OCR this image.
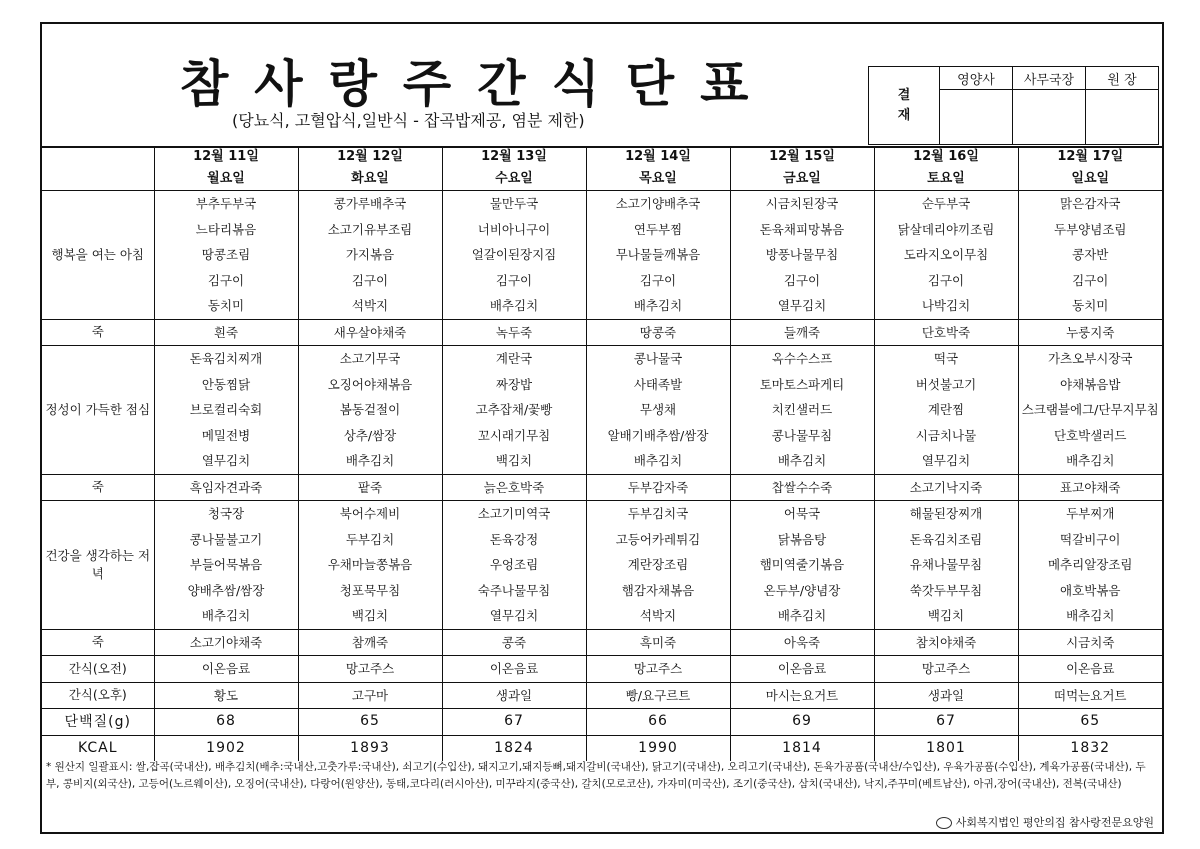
참사랑주간식단표
(당뇨식, 고혈압식,일반식 - 잡곡밥제공, 염분 제한)
결
재	영양사	사무국장	원 장

	12월 11일	12월 12일	12월 13일	12월 14일	12월 15일	12월 16일	12월 17일
	월요일	화요일	수요일	목요일	금요일	토요일	일요일
행복을 여는 아침	부추두부국	콩가루배추국	물만두국	소고기양배추국	시금치된장국	순두부국	맑은감자국
	느타리볶음	소고기유부조림	너비아니구이	연두부찜	돈육채피망볶음	닭살데리야끼조림	두부양념조림
	땅콩조림	가지볶음	얼갈이된장지짐	무나물들깨볶음	방풍나물무침	도라지오이무침	콩자반
	김구이	김구이	김구이	김구이	김구이	김구이	김구이
	동치미	석박지	배추김치	배추김치	열무김치	나박김치	동치미
죽	흰죽	새우살야채죽	녹두죽	땅콩죽	들깨죽	단호박죽	누룽지죽
정성이 가득한 점심	돈육김치찌개	소고기무국	계란국	콩나물국	옥수수스프	떡국	가츠오부시장국
	안동찜닭	오징어야채볶음	짜장밥	사태족발	토마토스파게티	버섯불고기	야채볶음밥
	브로컬리숙회	봄동겉절이	고추잡채/꽃빵	무생채	치킨샐러드	계란찜	스크램블에그/단무지무침
	메밀전병	상추/쌈장	꼬시래기무침	알배기배추쌈/쌈장	콩나물무침	시금치나물	단호박샐러드
	열무김치	배추김치	백김치	배추김치	배추김치	열무김치	배추김치
죽	흑임자견과죽	팥죽	늙은호박죽	두부감자죽	찹쌀수수죽	소고기낙지죽	표고야채죽
건강을 생각하는 저녁	청국장	북어수제비	소고기미역국	두부김치국	어묵국	해물된장찌개	두부찌개
	콩나물불고기	두부김치	돈육강정	고등어카레튀김	닭볶음탕	돈육김치조림	떡갈비구이
	부들어묵볶음	우채마늘쫑볶음	우엉조림	계란장조림	햄미역줄기볶음	유채나물무침	메추리알장조림
	양배추쌈/쌈장	청포묵무침	숙주나물무침	햄감자채볶음	온두부/양념장	쑥갓두부무침	애호박볶음
	배추김치	백김치	열무김치	석박지	배추김치	백김치	배추김치
죽	소고기야채죽	참깨죽	콩죽	흑미죽	아욱죽	참치야채죽	시금치죽
간식(오전)	이온음료	망고주스	이온음료	망고주스	이온음료	망고주스	이온음료
간식(오후)	황도	고구마	생과일	빵/요구르트	마시는요거트	생과일	떠먹는요거트
단백질(g)	68	65	67	66	69	67	65
KCAL	1902	1893	1824	1990	1814	1801	1832
* 원산지 일괄표시: 쌀,잡곡(국내산), 배추김치(배추:국내산,고춧가루:국내산), 쇠고기(수입산), 돼지고기,돼지등뼈,돼지갈비(국내산), 닭고기(국내산), 오리고기(국내산), 돈육가공품(국내산/수입산), 우육가공품(수입산), 계육가공품(국내산), 두부, 콩비지(외국산), 고등어(노르웨이산), 오징어(국내산), 다랑어(원양산), 동태,코다리(러시아산), 미꾸라지(중국산), 갈치(모로코산), 가자미(미국산), 조기(중국산), 삼치(국내산), 낙지,주꾸미(베트남산), 아귀,장어(국내산), 전복(국내산)
사회복지법인 평안의집 참사랑전문요양원
